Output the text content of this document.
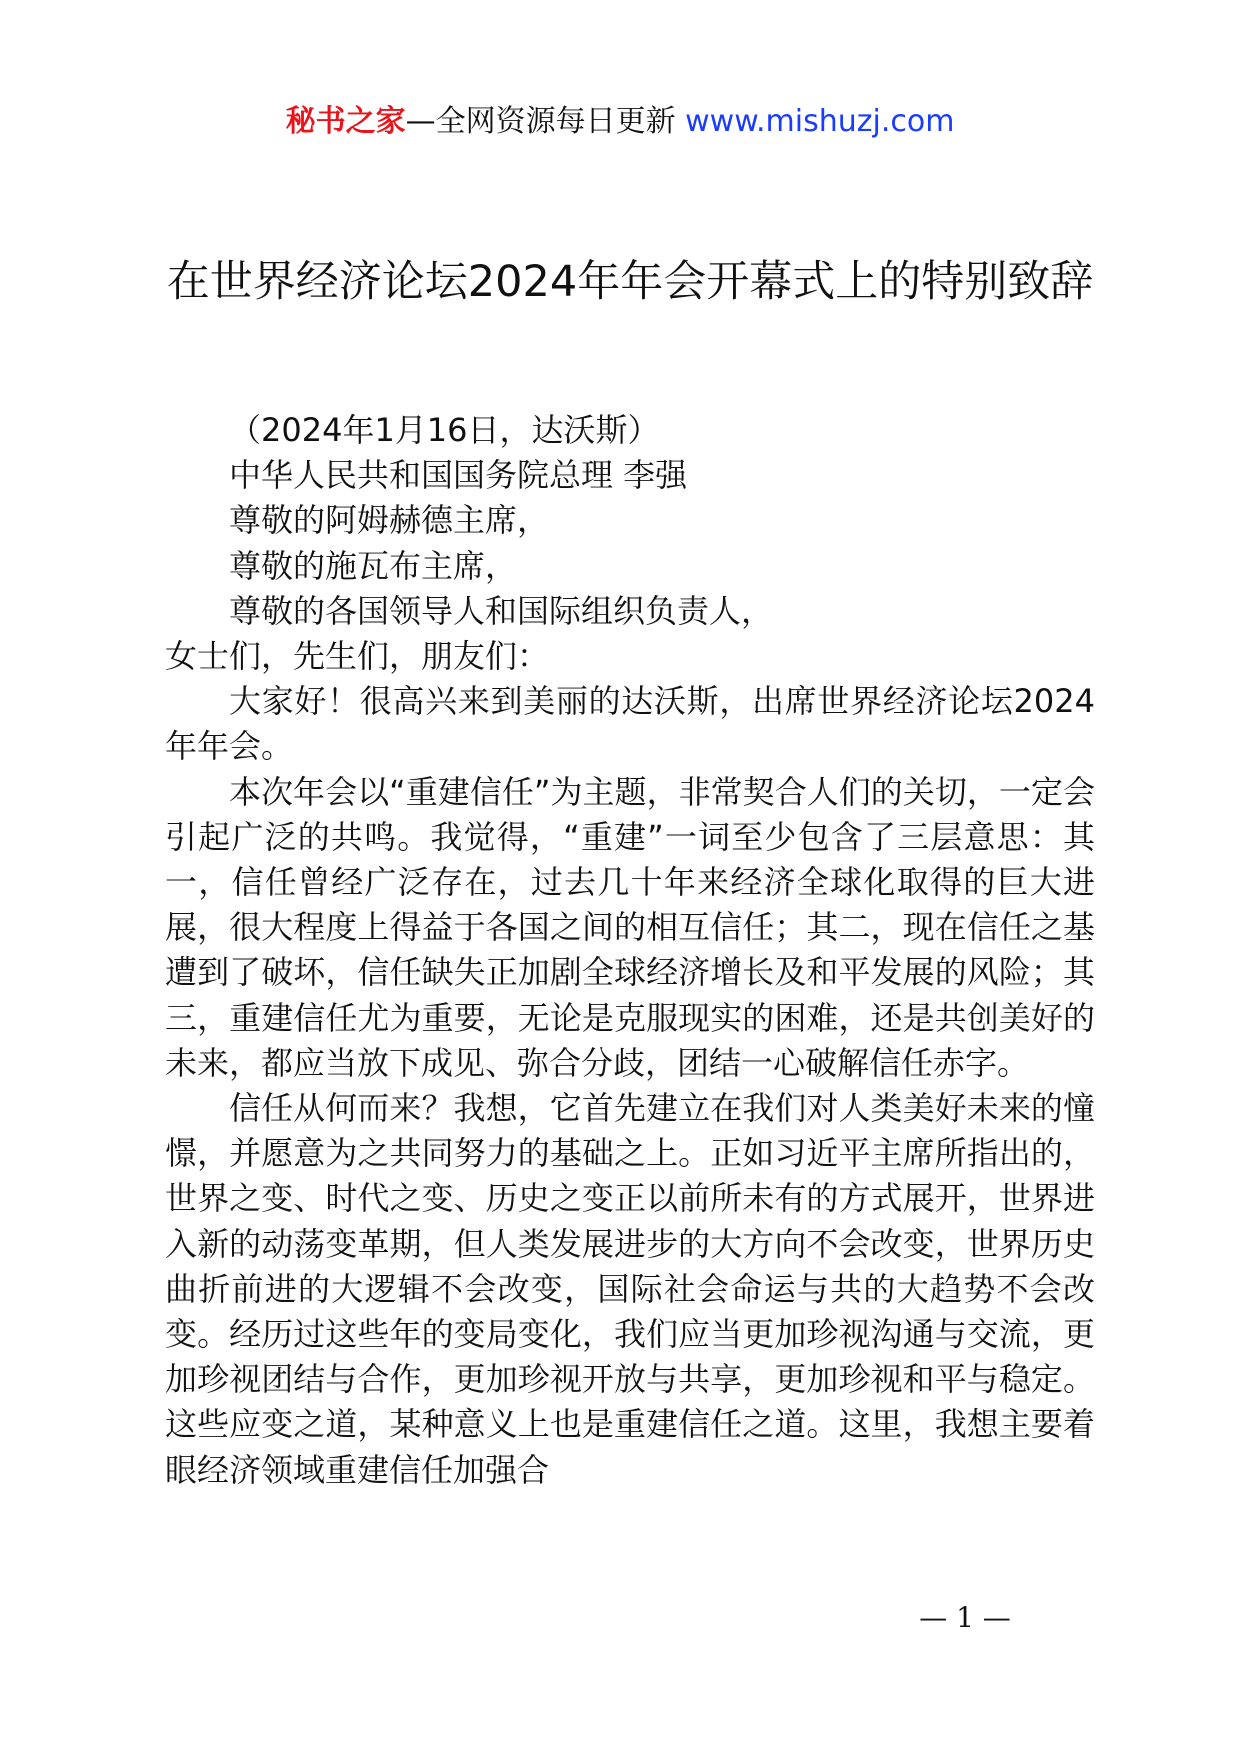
秘书之家—全网资源每日更新 www.mishuzj.com
在世界经济论坛2024年年会开幕式上的特别致辞

（2024年1月16日，达沃斯）

中华人民共和国国务院总理 李强

尊敬的阿姆赫德主席，

尊敬的施瓦布主席，

尊敬的各国领导人和国际组织负责人，

女士们，先生们，朋友们：

大家好！很高兴来到美丽的达沃斯，出席世界经济论坛2024年年会。

本次年会以“重建信任”为主题，非常契合人们的关切，一定会引起广泛的共鸣。我觉得，“重建”一词至少包含了三层意思：其一，信任曾经广泛存在，过去几十年来经济全球化取得的巨大进展，很大程度上得益于各国之间的相互信任；其二，现在信任之基遭到了破坏，信任缺失正加剧全球经济增长及和平发展的风险；其三，重建信任尤为重要，无论是克服现实的困难，还是共创美好的未来，都应当放下成见、弥合分歧，团结一心破解信任赤字。

信任从何而来？我想，它首先建立在我们对人类美好未来的憧憬，并愿意为之共同努力的基础之上。正如习近平主席所指出的，世界之变、时代之变、历史之变正以前所未有的方式展开，世界进入新的动荡变革期，但人类发展进步的大方向不会改变，世界历史曲折前进的大逻辑不会改变，国际社会命运与共的大趋势不会改变。经历过这些年的变局变化，我们应当更加珍视沟通与交流，更加珍视团结与合作，更加珍视开放与共享，更加珍视和平与稳定。这些应变之道，某种意义上也是重建信任之道。这里，我想主要着眼经济领域重建信任加强合

— 1 —
